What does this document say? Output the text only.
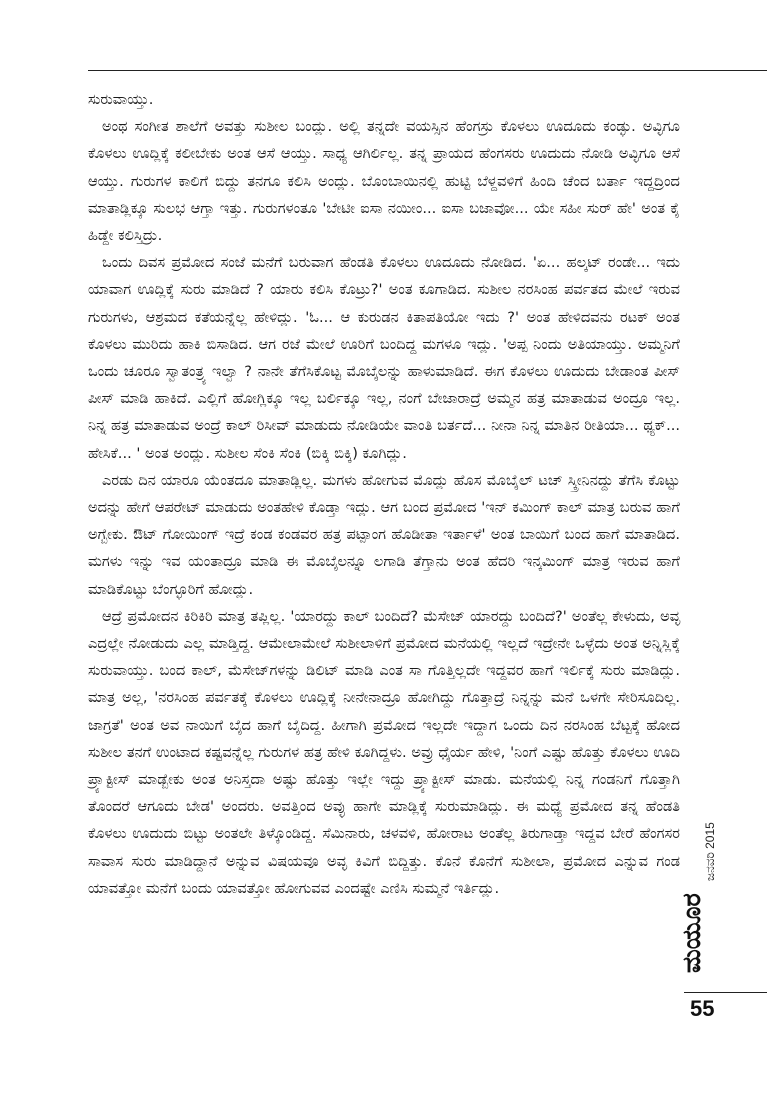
ಸುರುವಾಯ್ತು.

ಅಂಥ ಸಂಗೀತ ಶಾಲೆಗೆ ಅವತ್ತು ಸುಶೀಲ ಬಂದ್ಲು. ಅಲ್ಲಿ ತನ್ನದೇ ವಯಸ್ಸಿನ ಹೆಂಗಸ್ರು ಕೊಳಲು ಊದೂದು ಕಂಡ್ಳು. ಅವ್ಳಿಗೂ ಕೊಳಲು ಊದ್ಲಿಕ್ಕೆ ಕಲೀಬೇಕು ಅಂತ ಆಸೆ ಆಯ್ತು. ಸಾಧ್ಯ ಆಗಿರ್ಲಿಲ್ಲ. ತನ್ನ ಪ್ರಾಯದ ಹೆಂಗಸರು ಊದುದು ನೋಡಿ ಅವ್ಳಿಗೂ ಆಸೆ ಆಯ್ತು. ಗುರುಗಳ ಕಾಲಿಗೆ ಬಿದ್ದು ತನಗೂ ಕಲಿಸಿ ಅಂದ್ಲು. ಬೊಂಬಾಯಿನಲ್ಲಿ ಹುಟ್ಟಿ ಬೆಳ್ದವಳಿಗೆ ಹಿಂದಿ ಚೆಂದ ಬರ್ತಾ ಇದ್ದದ್ರಿಂದ ಮಾತಾಡ್ಲಿಕ್ಕೂ ಸುಲಭ ಆಗ್ತಾ ಇತ್ತು. ಗುರುಗಳಂತೂ 'ಬೇಟೀ ಐಸಾ ನಯೀಂ... ಐಸಾ ಬಜಾವೋ... ಯೇ ಸಹೀ ಸುರ್ ಹೇ' ಅಂತ ಕೈ ಹಿಡ್ದೇ ಕಲಿಸ್ತಿದ್ರು.

ಒಂದು ದಿವಸ ಪ್ರಮೋದ ಸಂಜೆ ಮನೆಗೆ ಬರುವಾಗ ಹೆಂಡತಿ ಕೊಳಲು ಊದೂದು ನೋಡಿದ. 'ಏ... ಹಲ್ಕಟ್ ರಂಡೇ... ಇದು ಯಾವಾಗ ಊದ್ಲಿಕ್ಕೆ ಸುರು ಮಾಡಿದೆ ? ಯಾರು ಕಲಿಸಿ ಕೊಟ್ರು?' ಅಂತ ಕೂಗಾಡಿದ. ಸುಶೀಲ ನರಸಿಂಹ ಪರ್ವತದ ಮೇಲೆ ಇರುವ ಗುರುಗಳು, ಆಶ್ರಮದ ಕತೆಯನ್ನೆಲ್ಲ ಹೇಳಿದ್ಲು. 'ಓ... ಆ ಕುರುಡನ ಕಿತಾಪತಿಯೋ ಇದು ?' ಅಂತ ಹೇಳಿದವನು ರಟಕ್ ಅಂತ ಕೊಳಲು ಮುರಿದು ಹಾಕಿ ಬಿಸಾಡಿದ. ಆಗ ರಜೆ ಮೇಲೆ ಊರಿಗೆ ಬಂದಿದ್ದ ಮಗಳೂ ಇದ್ಲು. 'ಅಪ್ಪ ನಿಂದು ಅತಿಯಾಯ್ತು. ಅಮ್ಮನಿಗೆ ಒಂದು ಚೂರೂ ಸ್ವಾತಂತ್ರ್ಯ ಇಲ್ವಾ ? ನಾನೇ ತೆಗೆಸಿಕೊಟ್ಟ ಮೊಬೈಲನ್ನು ಹಾಳುಮಾಡಿದೆ. ಈಗ ಕೊಳಲು ಊದುದು ಬೇಡಾಂತ ಪೀಸ್ ಪೀಸ್ ಮಾಡಿ ಹಾಕಿದೆ. ಎಲ್ಲಿಗೆ ಹೋಗ್ಲಿಕ್ಕೂ ಇಲ್ಲ ಬರ್ಲಿಕ್ಕೂ ಇಲ್ಲ, ನಂಗೆ ಬೇಜಾರಾದ್ರೆ ಅಮ್ಮನ ಹತ್ರ ಮಾತಾಡುವ ಅಂದ್ರೂ ಇಲ್ಲ. ನಿನ್ನ ಹತ್ರ ಮಾತಾಡುವ ಅಂದ್ರೆ ಕಾಲ್ ರಿಸೀವ್ ಮಾಡುದು ನೋಡಿಯೇ ವಾಂತಿ ಬರ್ತದೆ... ನೀನಾ ನಿನ್ನ ಮಾತಿನ ರೀತಿಯಾ... ಥ್ಯಕ್... ಹೇಸಿಕೆ... ' ಅಂತ ಅಂದ್ಲು. ಸುಶೀಲ ಸೆಂಕಿ ಸೆಂಕಿ (ಬಿಕ್ಕಿ ಬಿಕ್ಕಿ) ಕೂಗಿದ್ಲು.

ಎರಡು ದಿನ ಯಾರೂ ಯೆಂತದೂ ಮಾತಾಡ್ಲಿಲ್ಲ. ಮಗಳು ಹೋಗುವ ಮೊದ್ಲು ಹೊಸ ಮೊಬೈಲ್ ಟಚ್ ಸ್ಕ್ರೀನಿನದ್ದು ತೆಗೆಸಿ ಕೊಟ್ಟು ಅದನ್ನು ಹೇಗೆ ಆಪರೇಟ್ ಮಾಡುದು ಅಂತಹೇಳಿ ಕೊಡ್ತಾ ಇದ್ಲು. ಆಗ ಬಂದ ಪ್ರಮೋದ 'ಇನ್ ಕಮಿಂಗ್ ಕಾಲ್ ಮಾತ್ರ ಬರುವ ಹಾಗೆ ಅಗ್ಬೇಕು. ಔಟ್ ಗೋಯಿಂಗ್ ಇದ್ರೆ ಕಂಡ ಕಂಡವರ ಹತ್ರ ಪಟ್ಪಾಂಗ ಹೊಡೀತಾ ಇರ್ತಾಳೆ' ಅಂತ ಬಾಯಿಗೆ ಬಂದ ಹಾಗೆ ಮಾತಾಡಿದ. ಮಗಳು ಇನ್ನು ಇವ ಯಂತಾದ್ರೂ ಮಾಡಿ ಈ ಮೊಬೈಲನ್ನೂ ಲಗಾಡಿ ತೆಗ್ತಾನು ಅಂತ ಹೆದರಿ ಇನ್ಕಮಿಂಗ್ ಮಾತ್ರ ಇರುವ ಹಾಗೆ ಮಾಡಿಕೊಟ್ಟು ಬೆಂಗ್ಳೂರಿಗೆ ಹೋದ್ಲು.

ಆದ್ರೆ ಪ್ರಮೋದನ ಕಿರಿಕಿರಿ ಮಾತ್ರ ತಪ್ಲಿಲ್ಲ. 'ಯಾರದ್ದು ಕಾಲ್ ಬಂದಿದೆ? ಮೆಸೇಜ್ ಯಾರದ್ದು ಬಂದಿದೆ?' ಅಂತೆಲ್ಲ ಕೇಳುದು, ಅವ್ಳ ಎದ್ರಲ್ಲೇ ನೋಡುದು ಎಲ್ಲ ಮಾಡ್ತಿದ್ದ. ಆಮೇಲಾಮೇಲೆ ಸುಶೀಲಾಳಿಗೆ ಪ್ರಮೋದ ಮನೆಯಲ್ಲಿ ಇಲ್ಲದೆ ಇದ್ರೇನೇ ಒಳ್ಳೆದು ಅಂತ ಅನ್ನಿಸ್ಲಿಕ್ಕೆ ಸುರುವಾಯ್ತು. ಬಂದ ಕಾಲ್, ಮೆಸೇಜ್‌ಗಳನ್ನು ಡಿಲಿಟ್ ಮಾಡಿ ಎಂತ ಸಾ ಗೊತ್ತಿಲ್ಲದೇ ಇದ್ದವರ ಹಾಗೆ ಇರ್ಲಿಕ್ಕೆ ಸುರು ಮಾಡಿದ್ಲು. ಮಾತ್ರ ಅಲ್ಲ, 'ನರಸಿಂಹ ಪರ್ವತಕ್ಕೆ ಕೊಳಲು ಊದ್ಲಿಕ್ಕೆ ನೀನೇನಾದ್ರೂ ಹೋಗಿದ್ದು ಗೊತ್ತಾದ್ರೆ ನಿನ್ನನ್ನು ಮನೆ ಒಳಗೇ ಸೇರಿಸೂದಿಲ್ಲ. ಜಾಗ್ರತೆ' ಅಂತ ಅವ ನಾಯಿಗೆ ಬೈದ ಹಾಗೆ ಬೈದಿದ್ದ. ಹೀಗಾಗಿ ಪ್ರಮೋದ ಇಲ್ಲದೇ ಇದ್ದಾಗ ಒಂದು ದಿನ ನರಸಿಂಹ ಬೆಟ್ಟಕ್ಕೆ ಹೋದ ಸುಶೀಲ ತನಗೆ ಉಂಟಾದ ಕಷ್ಟವನ್ನೆಲ್ಲ ಗುರುಗಳ ಹತ್ರ ಹೇಳಿ ಕೂಗಿದ್ದಳು. ಅವ್ರು ಧೈರ್ಯ ಹೇಳಿ, 'ನಿಂಗೆ ಎಷ್ಟು ಹೊತ್ತು ಕೊಳಲು ಊದಿ ಪ್ರ್ಯಾಕ್ಟೀಸ್ ಮಾಡ್ಬೇಕು ಅಂತ ಅನಿಸ್ತದಾ ಅಷ್ಟು ಹೊತ್ತು ಇಲ್ಲೇ ಇದ್ದು ಪ್ರ್ಯಾಕ್ಟೀಸ್ ಮಾಡು. ಮನೆಯಲ್ಲಿ ನಿನ್ನ ಗಂಡನಿಗೆ ಗೊತ್ತಾಗಿ ತೊಂದರೆ ಆಗೂದು ಬೇಡ' ಅಂದರು. ಅವತ್ತಿಂದ ಅವ್ಳು ಹಾಗೇ ಮಾಡ್ಲಿಕ್ಕೆ ಸುರುಮಾಡಿದ್ಲು. ಈ ಮಧ್ಯೆ ಪ್ರಮೋದ ತನ್ನ ಹೆಂಡತಿ ಕೊಳಲು ಊದುದು ಬಿಟ್ಟು ಅಂತಲೇ ತಿಳ್ಕೊಂಡಿದ್ದ. ಸೆಮಿನಾರು, ಚಳವಳಿ, ಹೋರಾಟ ಅಂತೆಲ್ಲ ತಿರುಗಾಡ್ತಾ ಇದ್ದವ ಬೇರೆ ಹೆಂಗಸರ ಸಾವಾಸ ಸುರು ಮಾಡಿದ್ದಾನೆ ಅನ್ನುವ ವಿಷಯವೂ ಅವ್ಳ ಕಿವಿಗೆ ಬಿದ್ದಿತ್ತು. ಕೊನೆ ಕೊನೆಗೆ ಸುಶೀಲಾ, ಪ್ರಮೋದ ಎನ್ನುವ ಗಂಡ ಯಾವತ್ತೋ ಮನೆಗೆ ಬಂದು ಯಾವತ್ತೋ ಹೋಗುವವ ಎಂದಷ್ಟೇ ಎಣಿಸಿ ಸುಮ್ಮನೆ ಇರ್ತಿದ್ಲು.

ಜನವರಿ 2015
ಮಯೂರ
55
